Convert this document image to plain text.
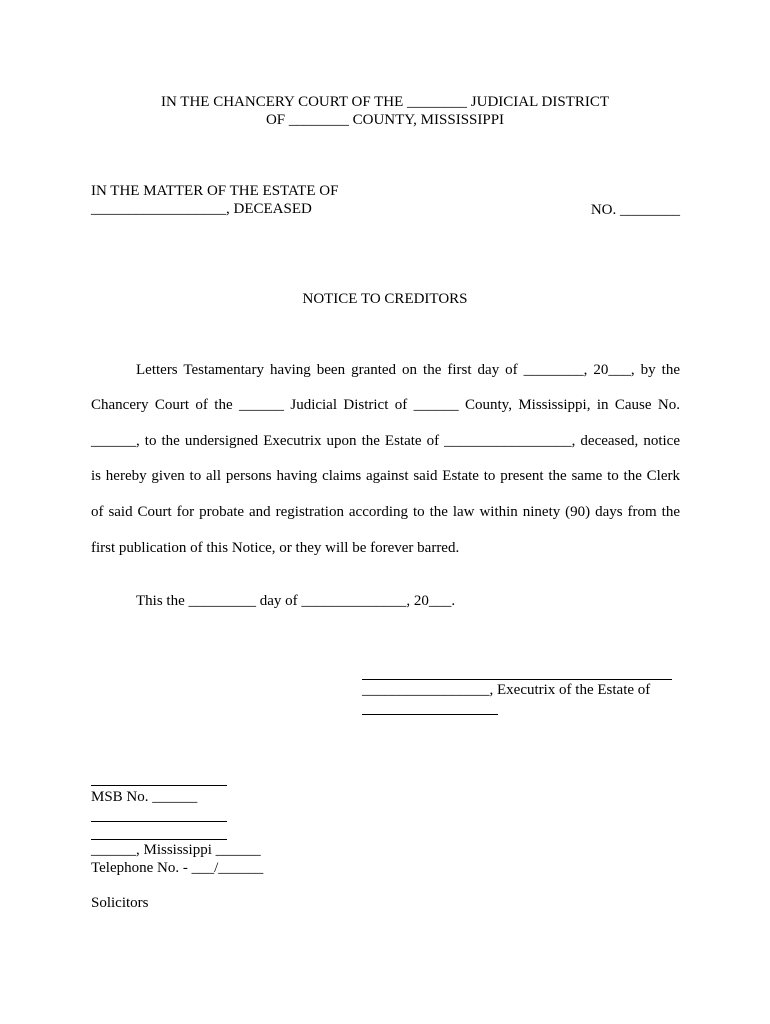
IN THE CHANCERY COURT OF THE ________ JUDICIAL DISTRICT
OF ________ COUNTY, MISSISSIPPI
IN THE MATTER OF THE ESTATE OF
__________________, DECEASED	NO. ________
NOTICE TO CREDITORS
Letters Testamentary having been granted on the first day of ________, 20___, by the
Chancery Court of the ______ Judicial District of ______ County, Mississippi, in Cause No.
______, to the undersigned Executrix upon the Estate of _________________, deceased, notice
is hereby given to all persons having claims against said Estate to present the same to the Clerk
of said Court for probate and registration according to the law within ninety (90) days from the
first publication of this Notice, or they will be forever barred.
This the _________ day of ______________, 20___.
_________________, Executrix of the Estate of
MSB No. ______
______, Mississippi ______
Telephone No. - ___/______
Solicitors
